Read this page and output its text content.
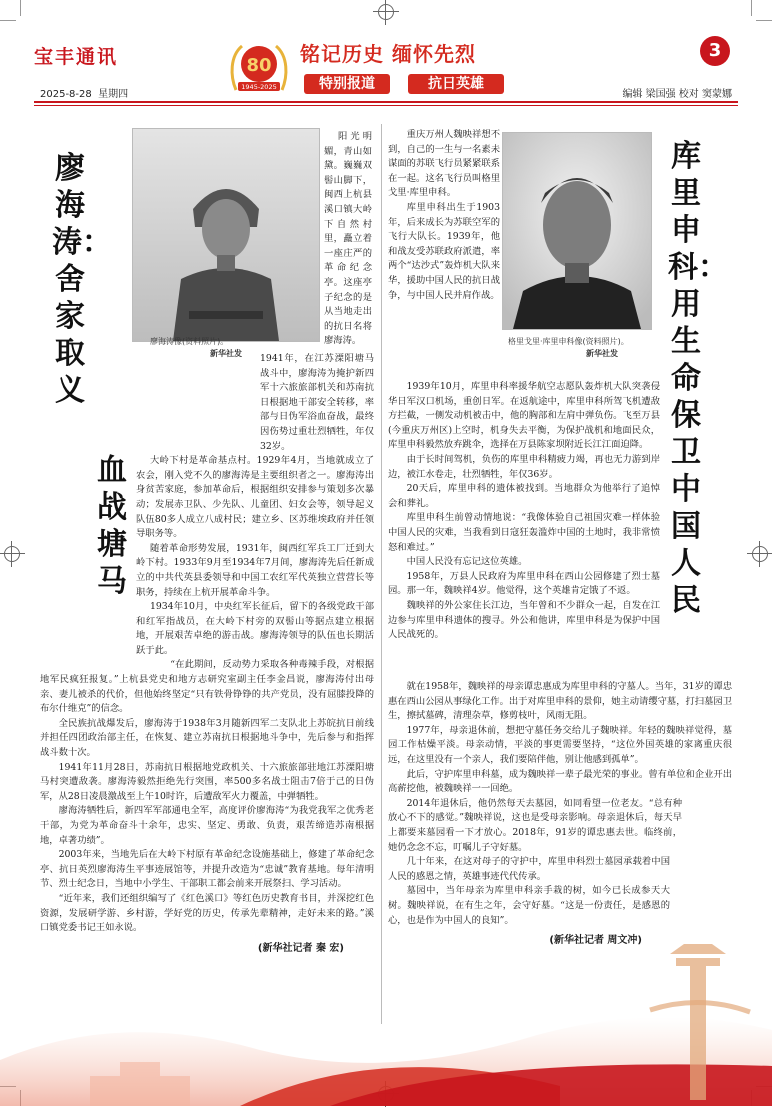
宝丰通讯
2025-8-28 星期四
80
1945-2025
铭记历史 缅怀先烈
特别报道	抗日英雄
3
编辑 梁国强 校对 窦蒙娜
廖海涛：舍家取义
血战塘马
廖海涛像(资料照片)。
新华社发

阳光明媚，青山如黛。巍巍双髻山脚下，闽西上杭县溪口镇大岭下自然村里，矗立着一座庄严的革命纪念亭。这座亭子纪念的是从当地走出的抗日名将廖海涛。

1941年，在江苏溧阳塘马战斗中，廖海涛为掩护新四军十六旅旅部机关和苏南抗日根据地干部安全转移，率部与日伪军浴血奋战，最终因伤势过重壮烈牺牲，年仅32岁。

大岭下村是革命基点村。1929年4月，当地就成立了农会，刚入党不久的廖海涛是主要组织者之一。廖海涛出身贫苦家庭，参加革命后，根据组织安排参与策划多次暴动；发展赤卫队、少先队、儿童团、妇女会等，领导起义队伍80多人成立八成村民；建立乡、区苏维埃政府并任领导职务等。

随着革命形势发展，1931年，闽西红军兵工厂迁到大岭下村。1933年9月至1934年7月间，廖海涛先后任新成立的中共代英县委领导和中国工农红军代英独立营营长等职务，持续在上杭开展革命斗争。

1934年10月，中央红军长征后，留下的各级党政干部和红军指战员，在大岭下村旁的双髻山等据点建立根据地，开展艰苦卓绝的游击战。廖海涛领导的队伍也长期活跃于此。

“在此期间，反动势力采取各种毒辣手段，对根据地军民疯狂报复。”上杭县党史和地方志研究室副主任李金昌说，廖海涛付出母亲、妻儿被杀的代价，但他始终坚定“只有铁骨铮铮的共产党员，没有屈膝投降的布尔什维克”的信念。

全民族抗战爆发后，廖海涛于1938年3月随新四军二支队北上苏皖抗日前线并担任四团政治部主任，在恢复、建立苏南抗日根据地斗争中，先后参与和指挥战斗数十次。

1941年11月28日，苏南抗日根据地党政机关、十六旅旅部驻地江苏溧阳塘马村突遭敌袭。廖海涛毅然拒绝先行突围，率500多名战士阻击7倍于己的日伪军，从28日凌晨激战至上午10时许，后遭敌军火力覆盖，中弹牺牲。

廖海涛牺牲后，新四军军部通电全军，高度评价廖海涛“为我党我军之优秀老干部，为党为革命奋斗十余年，忠实、坚定、勇敢、负责，艰苦缔造苏南根据地，卓著功绩”。

2003年来，当地先后在大岭下村原有革命纪念设施基础上，修建了革命纪念亭、抗日英烈廖海涛生平事迹展馆等，并提升改造为“忠诚”教育基地。每年清明节、烈士纪念日，当地中小学生、干部职工都会前来开展祭扫、学习活动。

“近年来，我们还组织编写了《红色溪口》等红色历史教育书目，并深挖红色资源，发展研学游、乡村游，学好党的历史，传承先辈精神，走好未来的路。”溪口镇党委书记王如永说。

(新华社记者 秦 宏)

重庆万州人魏映祥想不到，自己的一生与一名素未谋面的苏联飞行员紧紧联系在一起。这名飞行员叫格里戈里·库里申科。

库里申科出生于1903年，后来成长为苏联空军的飞行大队长。1939年，他和战友受苏联政府派遣，率两个“达沙式”轰炸机大队来华，援助中国人民的抗日战争，与中国人民并肩作战。

格里戈里·库里申科像(资料照片)。
新华社发
库里申科：用生命保卫中国人民

1939年10月，库里申科率援华航空志愿队轰炸机大队突袭侵华日军汉口机场，重创日军。在返航途中，库里申科所驾飞机遭敌方拦截，一侧发动机被击中，他的胸部和左肩中弹负伤。飞至万县(今重庆万州区)上空时，机身失去平衡，为保护战机和地面民众，库里申科毅然放弃跳伞，选择在万县陈家坝附近长江江面迫降。

由于长时间驾机，负伤的库里申科精疲力竭，再也无力游到岸边，被江水卷走，壮烈牺牲，年仅36岁。

20天后，库里申科的遗体被找到。当地群众为他举行了追悼会和葬礼。

库里申科生前曾动情地说：“我像体验自己祖国灾难一样体验中国人民的灾难，当我看到日寇狂轰滥炸中国的土地时，我非常愤怒和难过。”

中国人民没有忘记这位英雄。

1958年，万县人民政府为库里申科在西山公园修建了烈士墓园。那一年，魏映祥4岁。他觉得，这个英雄肯定饿了不返。

魏映祥的外公家住长江边，当年曾和不少群众一起，自发在江边参与库里申科遗体的搜寻。外公和他讲，库里申科是为保护中国人民战死的。

就在1958年，魏映祥的母亲谭忠惠成为库里申科的守墓人。当年，31岁的谭忠惠在西山公园从事绿化工作。出于对库里申科的景仰，她主动请缨守墓，打扫墓园卫生，擦拭墓碑，清理杂草，修剪枝叶，风雨无阻。

1977年，母亲退休前，想把守墓任务交给儿子魏映祥。年轻的魏映祥觉得，墓园工作枯燥平淡。母亲动情，平淡的事更需要坚持，“这位外国英雄的家离重庆很远，在这里没有一个亲人，我们要陪伴他，别让他感到孤单”。

此后，守护库里申科墓，成为魏映祥一辈子最光荣的事业。曾有单位和企业开出高薪挖他，被魏映祥一一回绝。

2014年退休后，他仍然每天去墓园，如同看望一位老友。“总有种放心不下的感觉。”魏映祥说，这也是受母亲影响。母亲退休后，每天早上都要来墓园看一下才放心。2018年，91岁的谭忠惠去世。临终前，她仍念念不忘，叮嘱儿子守好墓。

几十年来，在这对母子的守护中，库里申科烈士墓园承载着中国人民的感恩之情，英雄事迹代代传承。

墓园中，当年母亲为库里申科亲手栽的树，如今已长成参天大树。魏映祥说，在有生之年，会守好墓。“这是一份责任，是感恩的心，也是作为中国人的良知”。

(新华社记者 周文冲)
